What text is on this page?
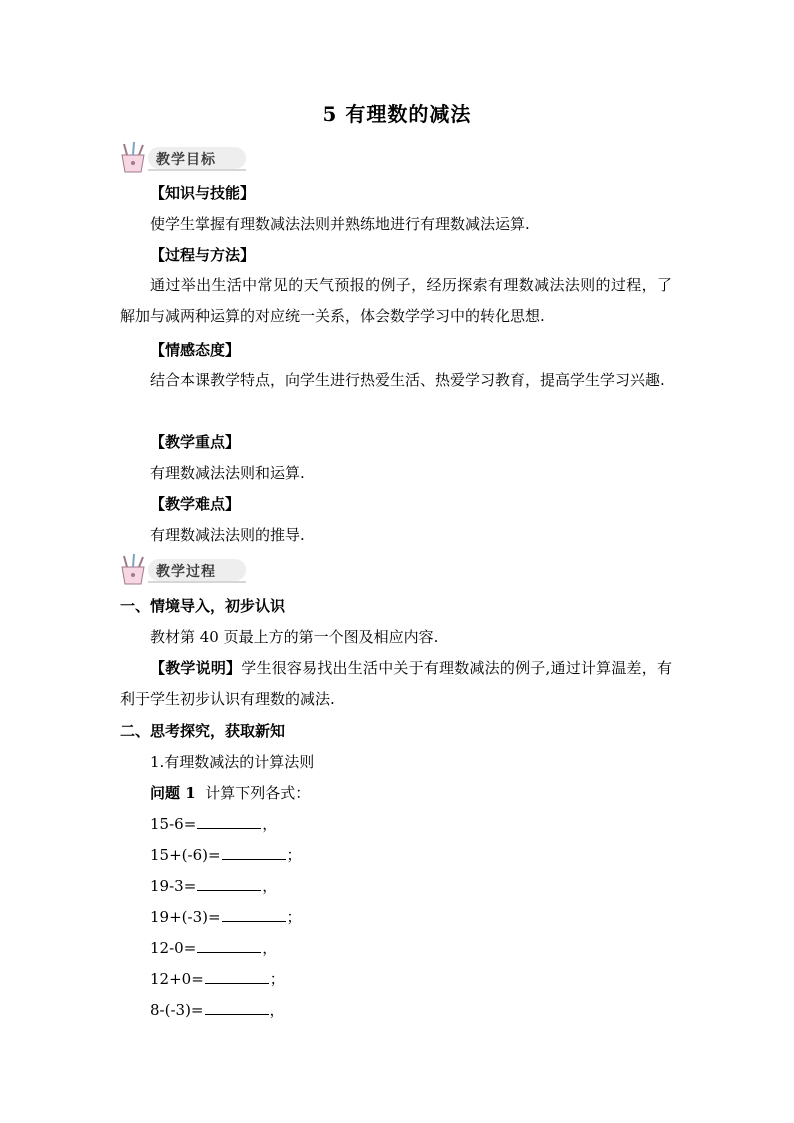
5 有理数的减法
教学目标
【知识与技能】
使学生掌握有理数减法法则并熟练地进行有理数减法运算.
【过程与方法】
通过举出生活中常见的天气预报的例子，经历探索有理数减法法则的过程，了解加与减两种运算的对应统一关系，体会数学学习中的转化思想.
【情感态度】
结合本课教学特点，向学生进行热爱生活、热爱学习教育，提高学生学习兴趣.
【教学重点】
有理数减法法则和运算.
【教学难点】
有理数减法法则的推导.
教学过程
一、情境导入，初步认识
教材第 40 页最上方的第一个图及相应内容.
【教学说明】学生很容易找出生活中关于有理数减法的例子,通过计算温差，有利于学生初步认识有理数的减法.
二、思考探究，获取新知
1.有理数减法的计算法则
问题 1 计算下列各式：
15-6=	，
15+(-6)=	；
19-3=	，
19+(-3)=	；
12-0=	，
12+0=	；
8-(-3)=	，
